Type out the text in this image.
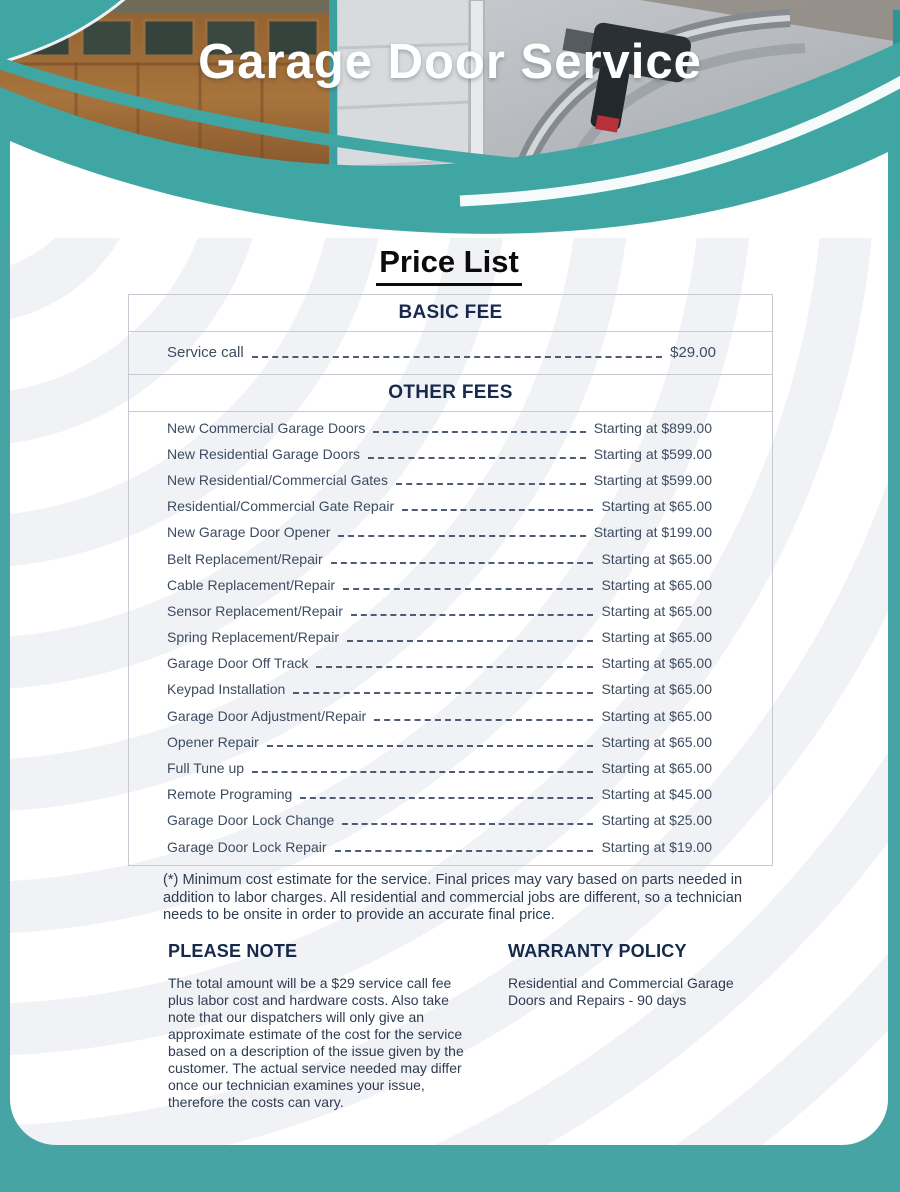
Garage Door Service
Price List
BASIC FEE
Service call	$29.00
OTHER FEES
New Commercial Garage Doors	Starting at $899.00
New Residential Garage Doors	Starting at $599.00
New Residential/Commercial Gates	Starting at $599.00
Residential/Commercial Gate Repair	Starting at $65.00
New Garage Door Opener	Starting at $199.00
Belt Replacement/Repair	Starting at $65.00
Cable Replacement/Repair	Starting at $65.00
Sensor Replacement/Repair	Starting at $65.00
Spring Replacement/Repair	Starting at $65.00
Garage Door Off Track	Starting at $65.00
Keypad Installation	Starting at $65.00
Garage Door Adjustment/Repair	Starting at $65.00
Opener Repair	Starting at $65.00
Full Tune up	Starting at $65.00
Remote Programing	Starting at $45.00
Garage Door Lock Change	Starting at $25.00
Garage Door Lock Repair	Starting at $19.00

(*) Minimum cost estimate for the service. Final prices may vary based on parts needed in addition to labor charges. All residential and commercial jobs are different, so a technician needs to be onsite in order to provide an accurate final price.

PLEASE NOTE

The total amount will be a $29 service call fee plus labor cost and hardware costs. Also take note that our dispatchers will only give an approximate estimate of the cost for the service based on a description of the issue given by the customer. The actual service needed may differ once our technician examines your issue, therefore the costs can vary.

WARRANTY POLICY

Residential and Commercial Garage Doors and Repairs - 90 days
